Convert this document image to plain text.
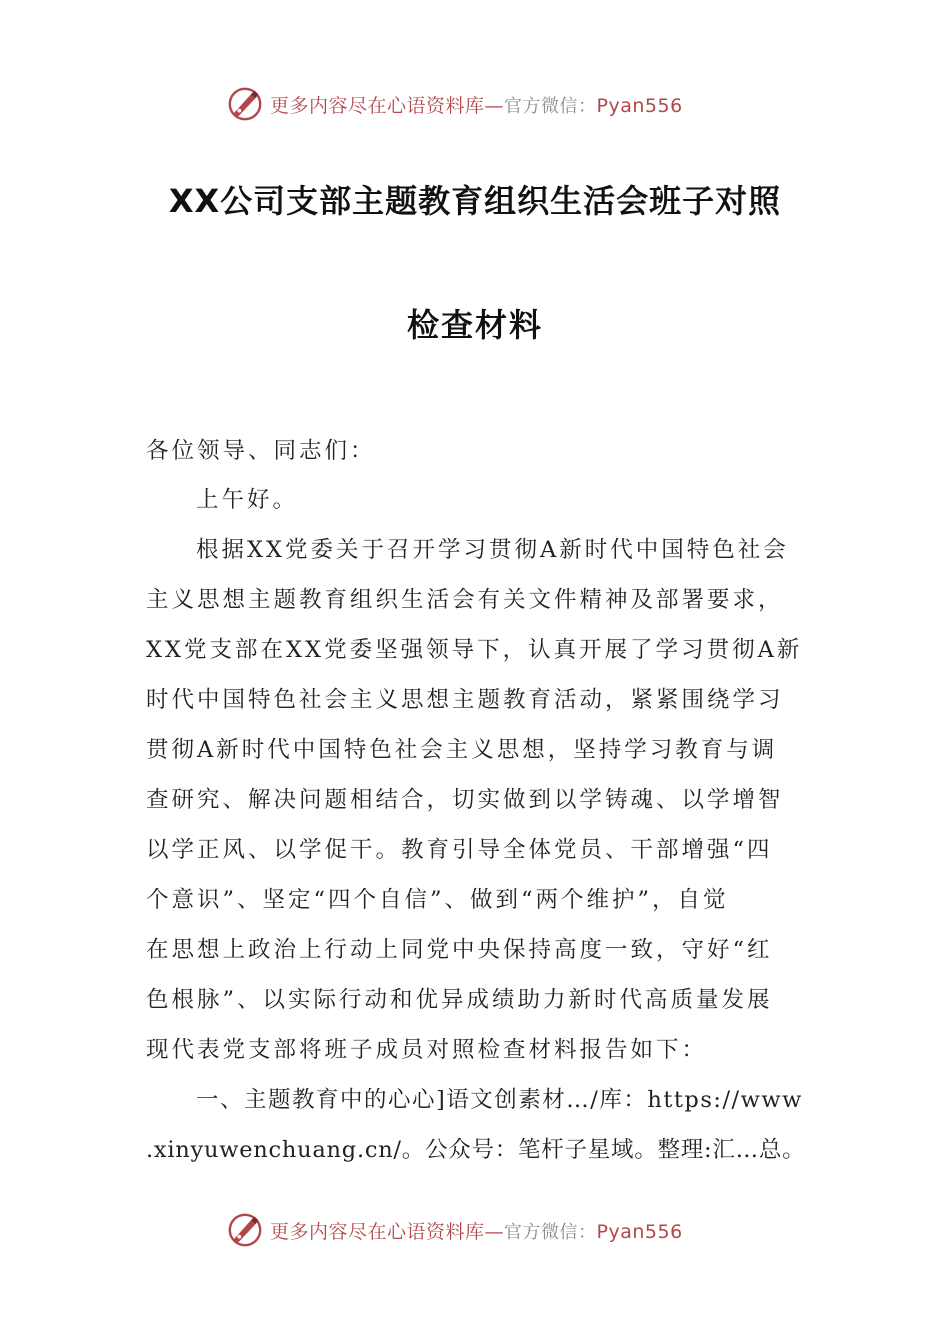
更多内容尽在心语资料库—官方微信：Pyan556
XX公司支部主题教育组织生活会班子对照
检查材料
各位领导、同志们：
上午好。
根据XX党委关于召开学习贯彻A新时代中国特色社会
主义思想主题教育组织生活会有关文件精神及部署要求，
XX党支部在XX党委坚强领导下，认真开展了学习贯彻A新
时代中国特色社会主义思想主题教育活动，紧紧围绕学习
贯彻A新时代中国特色社会主义思想，坚持学习教育与调
查研究、解决问题相结合，切实做到以学铸魂、以学增智
以学正风、以学促干。教育引导全体党员、干部增强“四
个意识”、坚定“四个自信”、做到“两个维护”，自觉
在思想上政治上行动上同党中央保持高度一致，守好“红
色根脉”、以实际行动和优异成绩助力新时代高质量发展
现代表党支部将班子成员对照检查材料报告如下：
一、主题教育中的心心]语文创素材…/库：https://www
.xinyuwenchuang.cn/。公众号：笔杆子星域。整理:汇…总。
更多内容尽在心语资料库—官方微信：Pyan556
